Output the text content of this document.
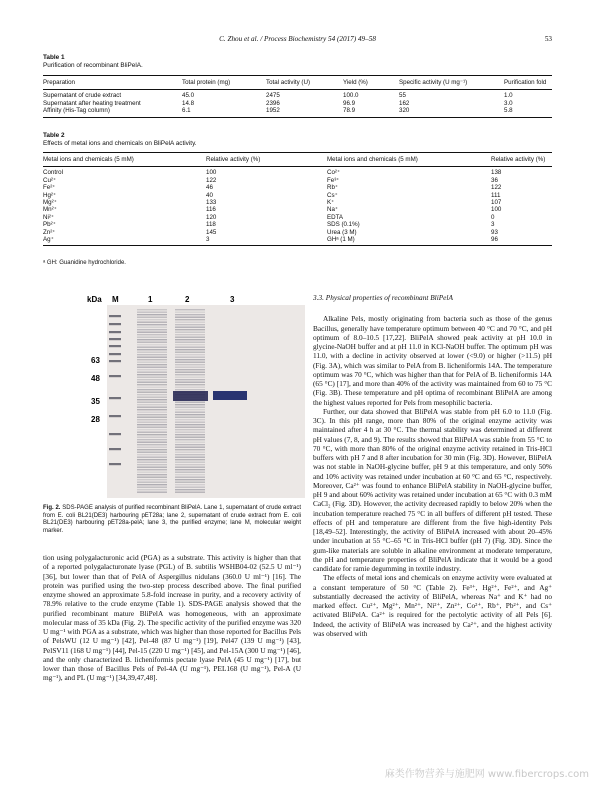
C. Zhou et al. / Process Biochemistry 54 (2017) 49–58	53
Table 1
Purification of recombinant BliPelA.
Preparation	Total protein (mg)	Total activity (U)	Yield (%)	Specific activity (U mg⁻¹)	Purification fold
Supernatant of crude extract	45.0	2475	100.0	55	1.0
Supernatant after heating treatment	14.8	2396	96.9	162	3.0
Affinity (His-Tag column)	6.1	1952	78.9	320	5.8
Table 2
Effects of metal ions and chemicals on BliPelA activity.
Metal ions and chemicals (5 mM)	Relative activity (%)	Metal ions and chemicals (5 mM)	Relative activity (%)
Control	100	Co²⁺	138
Cu²⁺	122	Fe³⁺	36
Fe²⁺	46	Rb⁺	122
Hg²⁺	40	Cs⁺	111
Mg²⁺	133	K⁺	107
Mn²⁺	116	Na⁺	100
Ni²⁺	120	EDTA	0
Pb²⁺	118	SDS (0.1%)	3
Zn²⁺	145	Urea (3 M)	93
Ag⁺	3	GHᵃ (1 M)	96
ᵃ GH: Guanidine hydrochloride.
kDa M	1	2	3
63
48
35
28
Fig. 2. SDS-PAGE analysis of purified recombinant BliPelA. Lane 1, supernatant of crude extract from E. coli BL21(DE3) harbouring pET28a; lane 2, supernatant of crude extract from E. coli BL21(DE3) harbouring pET28a-pelA; lane 3, the purified enzyme; lane M, molecular weight marker.

tion using polygalacturonic acid (PGA) as a substrate. This activity is higher than that of a reported polygalacturonate lyase (PGL) of B. subtilis WSHB04-02 (52.5 U ml⁻¹) [36], but lower than that of PelA of Aspergillus nidulans (360.0 U ml⁻¹) [16]. The protein was purified using the two-step process described above. The final purified enzyme showed an approximate 5.8-fold increase in purity, and a recovery activity of 78.9% relative to the crude enzyme (Table 1). SDS-PAGE analysis showed that the purified recombinant mature BliPelA was homogeneous, with an approximate molecular mass of 35 kDa (Fig. 2). The specific activity of the purified enzyme was 320 U mg⁻¹ with PGA as a substrate, which was higher than those reported for Bacillus Pels of PelsWU (12 U mg⁻¹) [42], Pel-48 (87 U mg⁻¹) [19], Pel47 (139 U mg⁻¹) [43], PelSV11 (168 U mg⁻¹) [44], Pel-15 (220 U mg⁻¹) [45], and Pel-15A (300 U mg⁻¹) [46], and the only characterized B. licheniformis pectate lyase PelA (45 U mg⁻¹) [17], but lower than those of Bacillus Pels of Pel-4A (U mg⁻¹), PEL168 (U mg⁻¹), Pel-A (U mg⁻¹), and PL (U mg⁻¹) [34,39,47,48].

3.3. Physical properties of recombinant BliPelA

Alkaline Pels, mostly originating from bacteria such as those of the genus Bacillus, generally have temperature optimum between 40 °C and 70 °C, and pH optimum of 8.0–10.5 [17,22]. BliPelA showed peak activity at pH 10.0 in glycine-NaOH buffer and at pH 11.0 in KCl-NaOH buffer. The optimum pH was 11.0, with a decline in activity observed at lower (<9.0) or higher (>11.5) pH (Fig. 3A), which was similar to PelA from B. licheniformis 14A. The temperature optimum was 70 °C, which was higher than that for PelA of B. licheniformis 14A (65 °C) [17], and more than 40% of the activity was maintained from 60 to 75 °C (Fig. 3B). These temperature and pH optima of recombinant BliPelA are among the highest values reported for Pels from mesophilic bacteria.

Further, our data showed that BliPelA was stable from pH 6.0 to 11.0 (Fig. 3C). In this pH range, more than 80% of the original enzyme activity was maintained after 4 h at 30 °C. The thermal stability was determined at different pH values (7, 8, and 9). The results showed that BliPelA was stable from 55 °C to 70 °C, with more than 80% of the original enzyme activity retained in Tris-HCl buffers with pH 7 and 8 after incubation for 30 min (Fig. 3D). However, BliPelA was not stable in NaOH-glycine buffer, pH 9 at this temperature, and only 50% and 10% activity was retained under incubation at 60 °C and 65 °C, respectively. Moreover, Ca²⁺ was found to enhance BliPelA stability in NaOH-glycine buffer, pH 9 and about 60% activity was retained under incubation at 65 °C with 0.3 mM CaCl₂ (Fig. 3D). However, the activity decreased rapidly to below 20% when the incubation temperature reached 75 °C in all buffers of different pH tested. These effects of pH and temperature are different from the five high-identity Pels [18,49–52]. Interestingly, the activity of BliPelA increased with about 20–45% under incubation at 55 °C–65 °C in Tris-HCl buffer (pH 7) (Fig. 3D). Since the gum-like materials are soluble in alkaline environment at moderate temperature, the pH and temperature properties of BliPelA indicate that it would be a good candidate for ramie degumming in textile industry.

The effects of metal ions and chemicals on enzyme activity were evaluated at a constant temperature of 50 °C (Table 2). Fe³⁺, Hg²⁺, Fe²⁺, and Ag⁺ substantially decreased the activity of BliPelA, whereas Na⁺ and K⁺ had no marked effect. Cu²⁺, Mg²⁺, Mn²⁺, Ni²⁺, Zn²⁺, Co²⁺, Rb⁺, Pb²⁺, and Cs⁺ activated BliPelA. Ca²⁺ is required for the pectolytic activity of all Pels [6]. Indeed, the activity of BliPelA was increased by Ca²⁺, and the highest activity was observed with

麻类作物营养与施肥网 www.fibercrops.com
